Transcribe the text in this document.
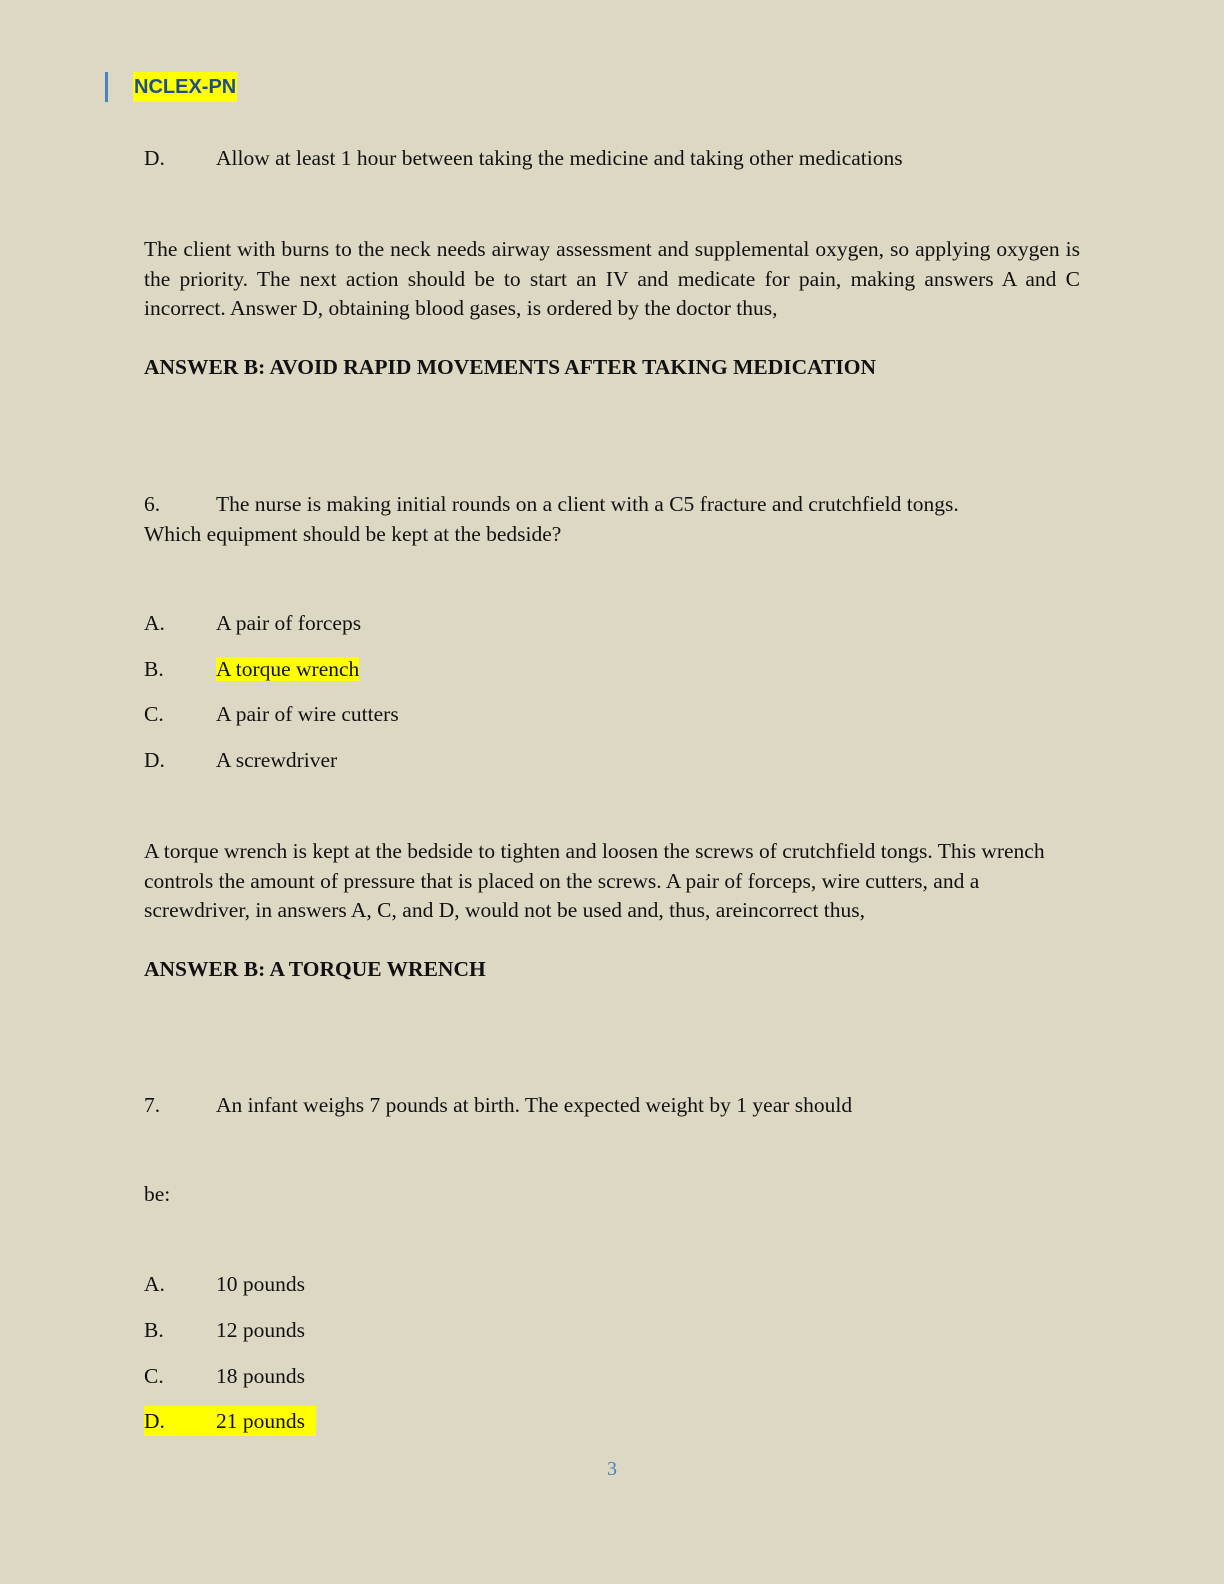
NCLEX-PN
D. Allow at least 1 hour between taking the medicine and taking other medications
The client with burns to the neck needs airway assessment and supplemental oxygen, so applying oxygen is the priority. The next action should be to start an IV and medicate for pain, making answers A and C incorrect. Answer D, obtaining blood gases, is ordered by the doctor thus,
ANSWER B: AVOID RAPID MOVEMENTS AFTER TAKING MEDICATION
6.	The nurse is making initial rounds on a client with a C5 fracture and crutchfield tongs.
Which equipment should be kept at the bedside?
A. A pair of forceps
B. A torque wrench
C. A pair of wire cutters
D. A screwdriver
A torque wrench is kept at the bedside to tighten and loosen the screws of crutchfield tongs. This wrench controls the amount of pressure that is placed on the screws. A pair of forceps, wire cutters, and a screwdriver, in answers A, C, and D, would not be used and, thus, areincorrect thus,
ANSWER B: A TORQUE WRENCH
7.	An infant weighs 7 pounds at birth. The expected weight by 1 year should
be:
A. 10 pounds
B. 12 pounds
C. 18 pounds
D. 21 pounds
3
